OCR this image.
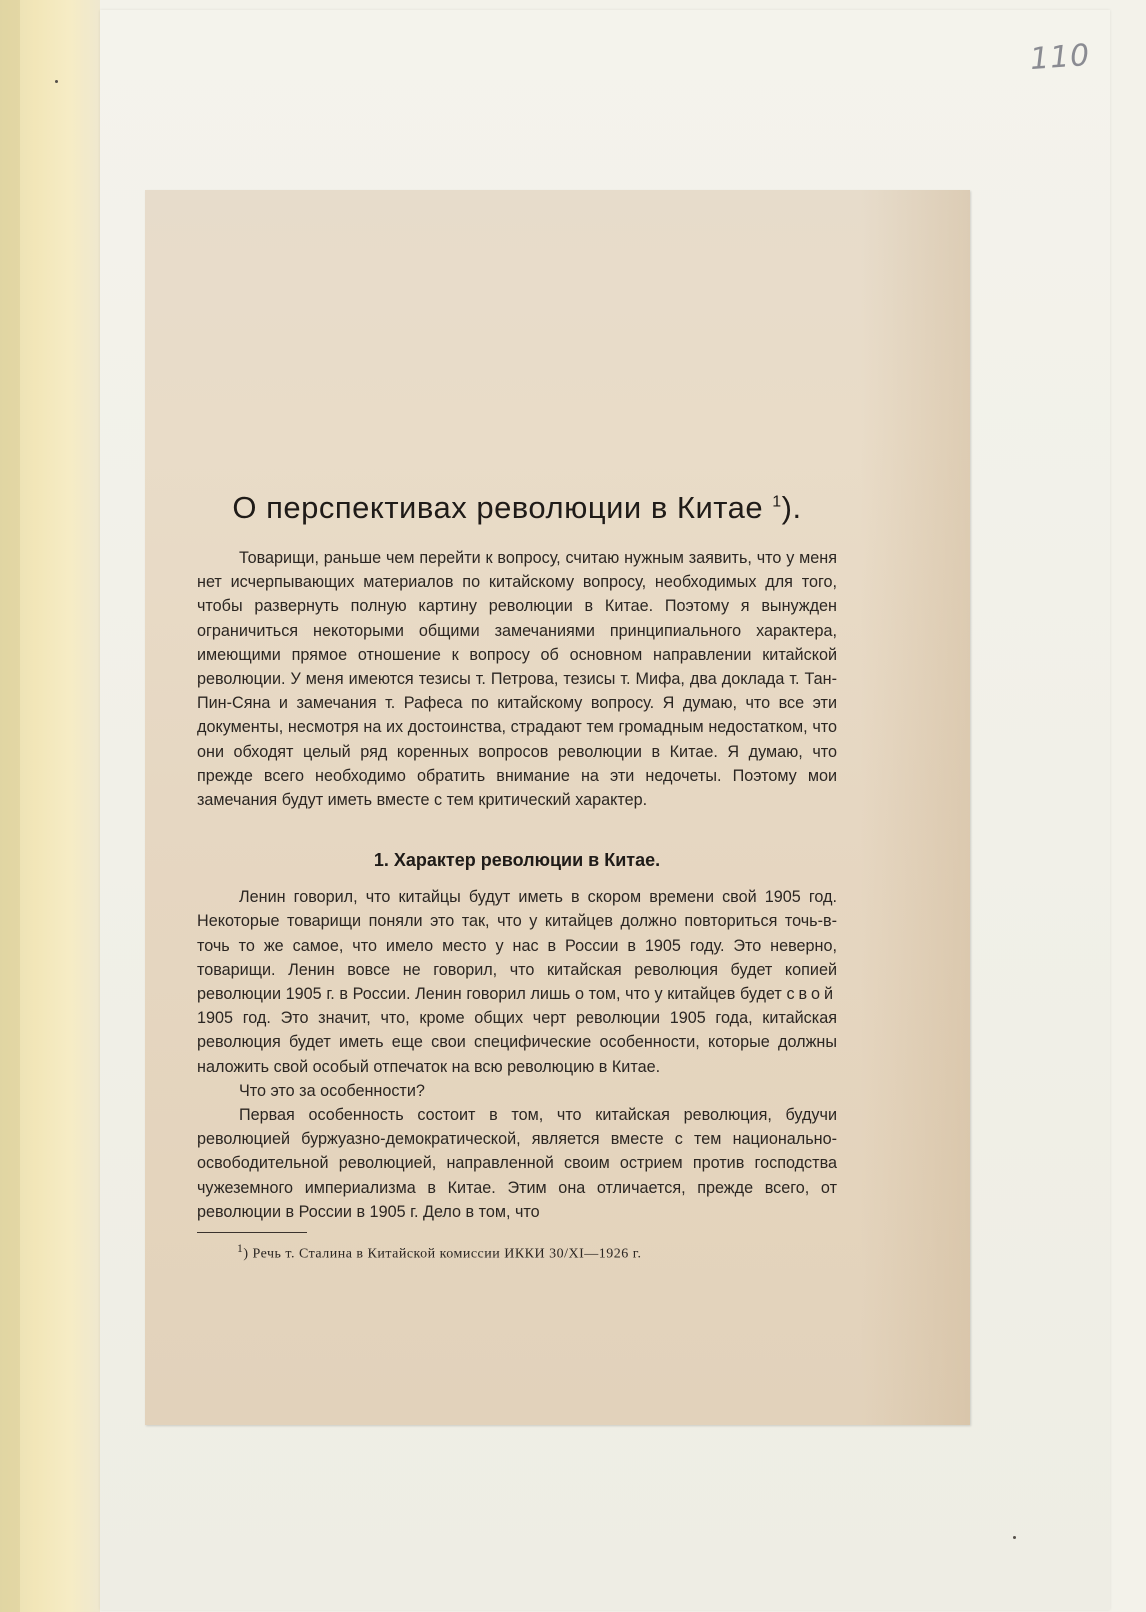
110
О перспективах революции в Китае $^1$).

Товарищи, раньше чем перейти к вопросу, считаю нужным заявить, что у меня нет исчерпывающих материалов по китайскому вопросу, необходимых для того, чтобы развернуть полную картину революции в Китае. Поэтому я вынужден ограничиться некоторыми общими замечаниями принципиального характера, имеющими прямое отношение к вопросу об основном направлении китайской революции. У меня имеются тезисы т. Петрова, тезисы т. Мифа, два доклада т. Тан-Пин-Сяна и замечания т. Рафеса по китайскому вопросу. Я думаю, что все эти документы, несмотря на их достоинства, страдают тем громадным недостатком, что они обходят целый ряд коренных вопросов революции в Китае. Я думаю, что прежде всего необходимо обратить внимание на эти недочеты. Поэтому мои замечания будут иметь вместе с тем критический характер.

1. Характер революции в Китае.

Ленин говорил, что китайцы будут иметь в скором времени свой 1905 год. Некоторые товарищи поняли это так, что у китайцев должно повториться точь-в-точь то же самое, что имело место у нас в России в 1905 году. Это неверно, товарищи. Ленин вовсе не говорил, что китайская революция будет копией революции 1905 г. в России. Ленин говорил лишь о том, что у китайцев будет свой 1905 год. Это значит, что, кроме общих черт революции 1905 года, китайская революция будет иметь еще свои специфические особенности, которые должны наложить свой особый отпечаток на всю революцию в Китае.

Что это за особенности?

Первая особенность состоит в том, что китайская революция, будучи революцией буржуазно-демократической, является вместе с тем национально-освободительной революцией, направленной своим острием против господства чужеземного империализма в Китае. Этим она отличается, прежде всего, от революции в России в 1905 г. Дело в том, что

$^1$) Речь т. Сталина в Китайской комиссии ИККИ 30/XI—1926 г.
